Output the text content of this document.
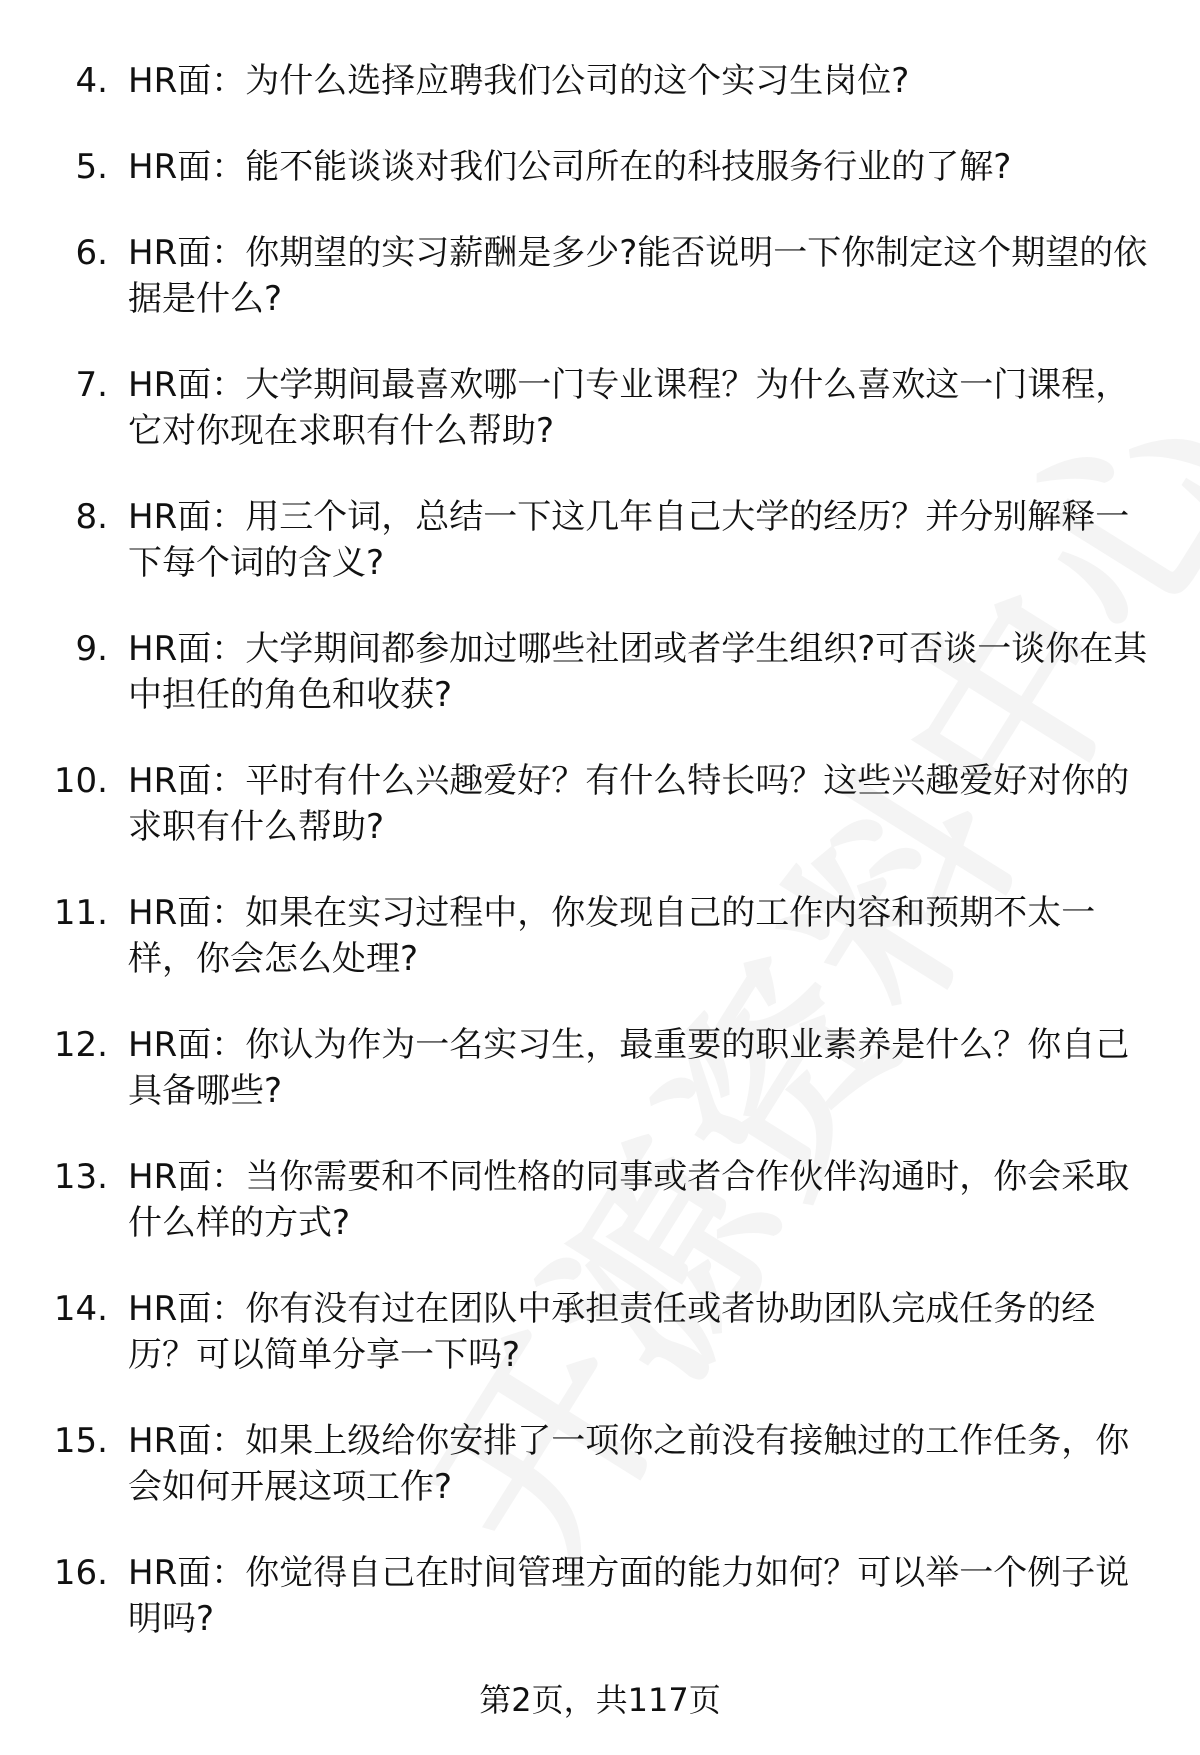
4. HR面：为什么选择应聘我们公司的这个实习生岗位?
5. HR面：能不能谈谈对我们公司所在的科技服务行业的了解?
6. HR面：你期望的实习薪酬是多少?能否说明一下你制定这个期望的依据是什么?
7. HR面：大学期间最喜欢哪一门专业课程？为什么喜欢这一门课程，它对你现在求职有什么帮助?
8. HR面：用三个词，总结一下这几年自己大学的经历？并分别解释一下每个词的含义?
9. HR面：大学期间都参加过哪些社团或者学生组织?可否谈一谈你在其中担任的角色和收获?
10. HR面：平时有什么兴趣爱好？有什么特长吗？这些兴趣爱好对你的求职有什么帮助?
11. HR面：如果在实习过程中，你发现自己的工作内容和预期不太一样，你会怎么处理?
12. HR面：你认为作为一名实习生，最重要的职业素养是什么？你自己具备哪些?
13. HR面：当你需要和不同性格的同事或者合作伙伴沟通时，你会采取什么样的方式?
14. HR面：你有没有过在团队中承担责任或者协助团队完成任务的经历？可以简单分享一下吗?
15. HR面：如果上级给你安排了一项你之前没有接触过的工作任务，你会如何开展这项工作?
16. HR面：你觉得自己在时间管理方面的能力如何？可以举一个例子说明吗?
第2页，共117页
